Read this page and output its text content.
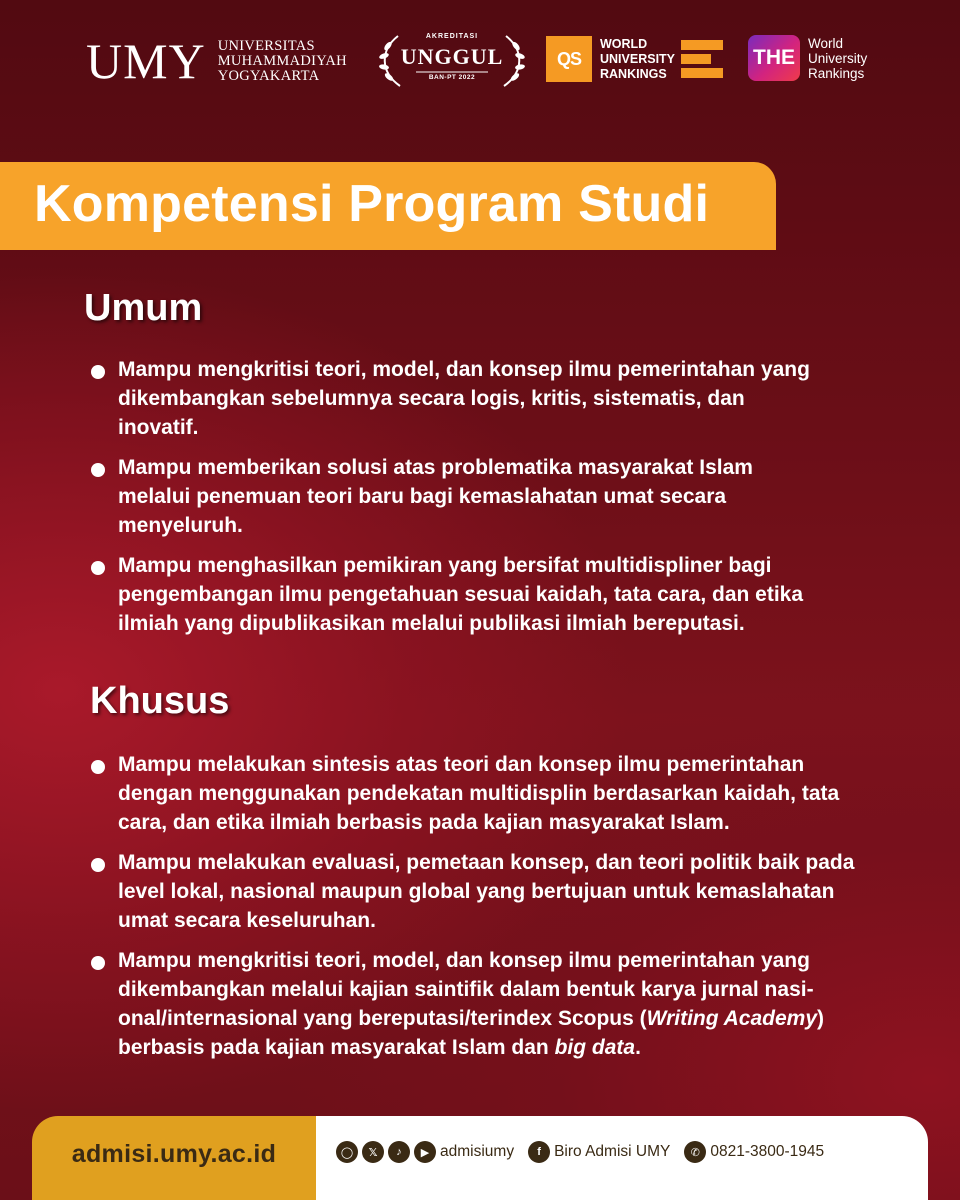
UMY UNIVERSITAS
MUHAMMADIYAH
YOGYAKARTA
AKREDITASI
UNGGUL
BAN-PT 2022
QS
WORLD
UNIVERSITY
RANKINGS
THE
World
University
Rankings
Kompetensi Program Studi
Umum
Mampu mengkritisi teori, model, dan konsep ilmu pemerintahan yang dikembangkan sebelumnya secara logis, kritis, sistematis, dan inovatif.
Mampu memberikan solusi atas problematika masyarakat Islam melalui penemuan teori baru bagi kemaslahatan umat secara menyeluruh.
Mampu menghasilkan pemikiran yang bersifat multidispliner bagi pengembangan ilmu pengetahuan sesuai kaidah, tata cara, dan etika ilmiah yang dipublikasikan melalui publikasi ilmiah bereputasi.
Khusus
Mampu melakukan sintesis atas teori dan konsep ilmu pemerintahan dengan menggunakan pendekatan multidisplin berdasarkan kaidah, tata cara, dan etika ilmiah berbasis pada kajian masyarakat Islam.
Mampu melakukan evaluasi, pemetaan konsep, dan teori politik baik pada level lokal, nasional maupun global yang bertujuan untuk kemaslahatan umat secara keseluruhan.
Mampu mengkritisi teori, model, dan konsep ilmu pemerintahan yang dikembangkan melalui kajian saintifik dalam bentuk karya jurnal nasi-onal/internasional yang bereputasi/terindex Scopus (Writing Academy) berbasis pada kajian masyarakat Islam dan big data.
admisi.umy.ac.id	◯	𝕏	♪	▶ admisiumy	f Biro Admisi UMY	✆ 0821-3800-1945
